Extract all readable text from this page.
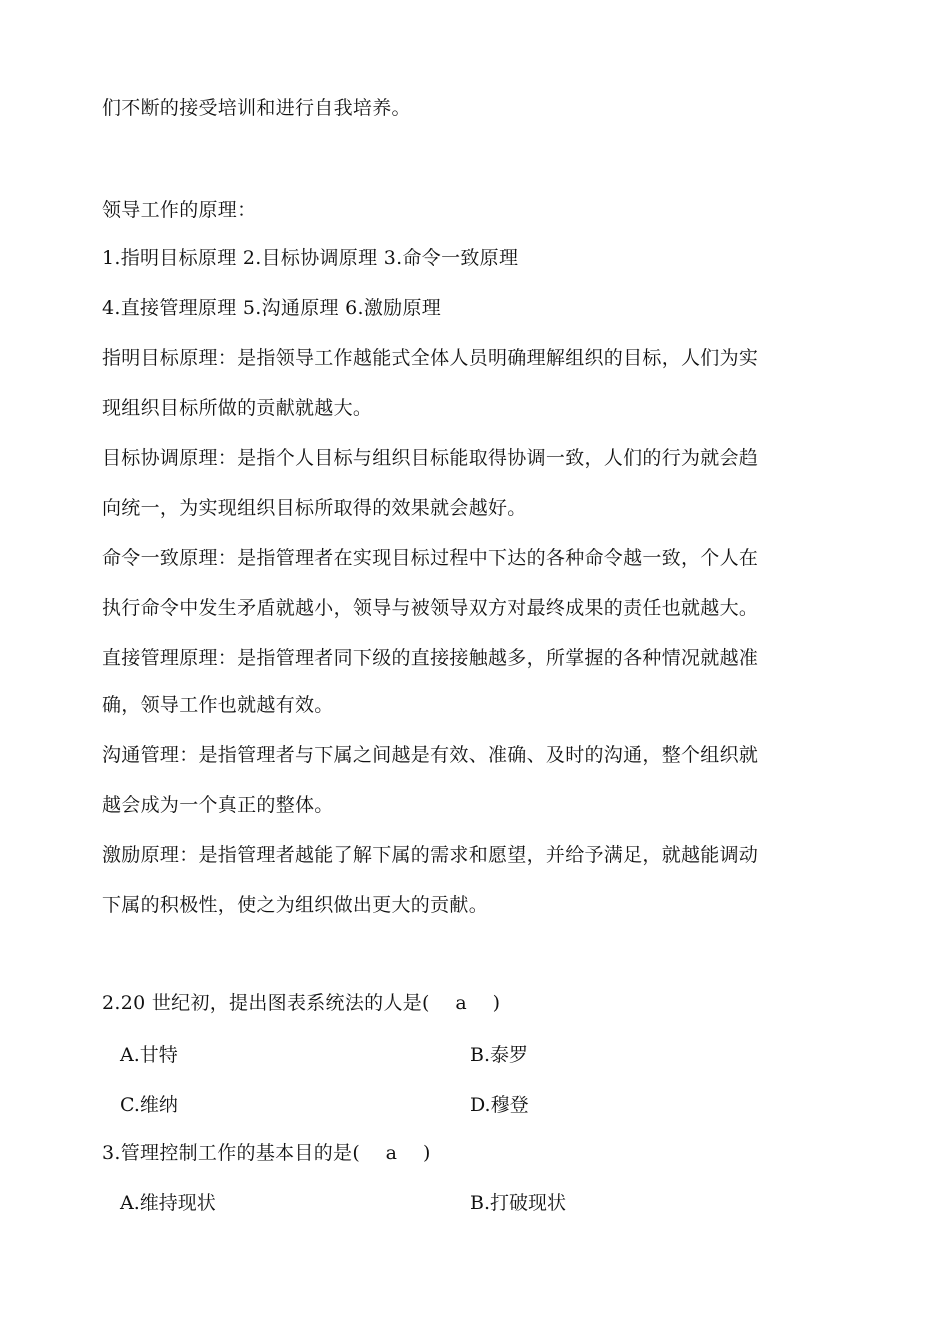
们不断的接受培训和进行自我培养。
领导工作的原理：
1.指明目标原理 2.目标协调原理 3.命令一致原理
4.直接管理原理 5.沟通原理 6.激励原理
指明目标原理：是指领导工作越能式全体人员明确理解组织的目标，人们为实
现组织目标所做的贡献就越大。
目标协调原理：是指个人目标与组织目标能取得协调一致，人们的行为就会趋
向统一，为实现组织目标所取得的效果就会越好。
命令一致原理：是指管理者在实现目标过程中下达的各种命令越一致，个人在
执行命令中发生矛盾就越小，领导与被领导双方对最终成果的责任也就越大。
直接管理原理：是指管理者同下级的直接接触越多，所掌握的各种情况就越准
确，领导工作也就越有效。
沟通管理：是指管理者与下属之间越是有效、准确、及时的沟通，整个组织就
越会成为一个真正的整体。
激励原理：是指管理者越能了解下属的需求和愿望，并给予满足，就越能调动
下属的积极性，使之为组织做出更大的贡献。
2.20 世纪初，提出图表系统法的人是(　 a　 )
A.甘特	B.泰罗
C.维纳	D.穆登
3.管理控制工作的基本目的是(　 a　 )
A.维持现状	B.打破现状
